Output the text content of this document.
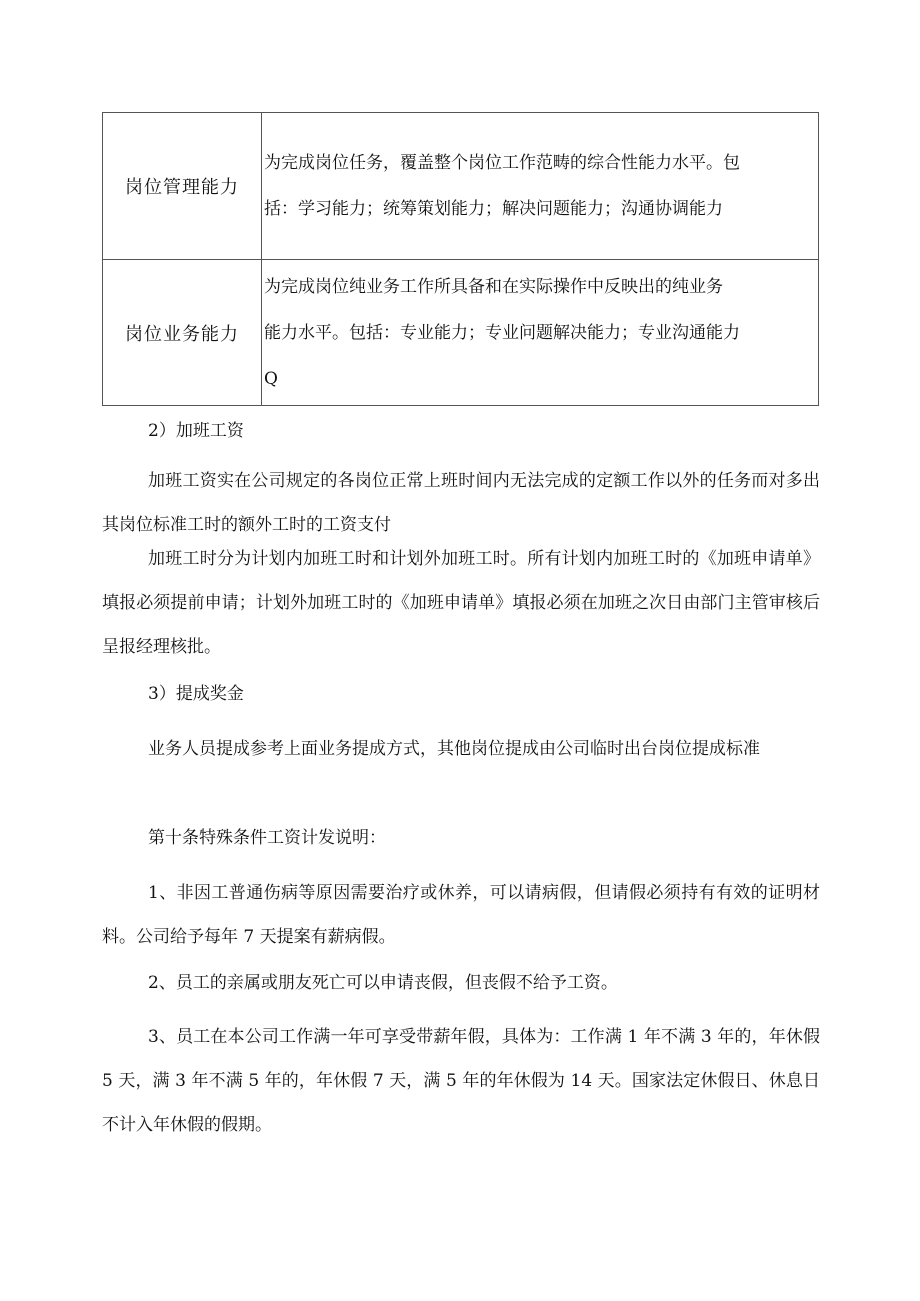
岗位管理能力	为完成岗位任务，覆盖整个岗位工作范畴的综合性能力水平。包
括：学习能力；统筹策划能力；解决问题能力；沟通协调能力

岗位业务能力	为完成岗位纯业务工作所具备和在实际操作中反映出的纯业务
能力水平。包括：专业能力；专业问题解决能力；专业沟通能力
Q
2）加班工资
加班工资实在公司规定的各岗位正常上班时间内无法完成的定额工作以外的任务而对多出其岗位标准工时的额外工时的工资支付
加班工时分为计划内加班工时和计划外加班工时。所有计划内加班工时的《加班申请单》填报必须提前申请；计划外加班工时的《加班申请单》填报必须在加班之次日由部门主管审核后呈报经理核批。
3）提成奖金
业务人员提成参考上面业务提成方式，其他岗位提成由公司临时出台岗位提成标准
第十条特殊条件工资计发说明：
1、非因工普通伤病等原因需要治疗或休养，可以请病假，但请假必须持有有效的证明材料。公司给予每年 7 天提案有薪病假。
2、员工的亲属或朋友死亡可以申请丧假，但丧假不给予工资。
3、员工在本公司工作满一年可享受带薪年假，具体为：工作满 1 年不满 3 年的，年休假 5 天，满 3 年不满 5 年的，年休假 7 天，满 5 年的年休假为 14 天。国家法定休假日、休息日不计入年休假的假期。
